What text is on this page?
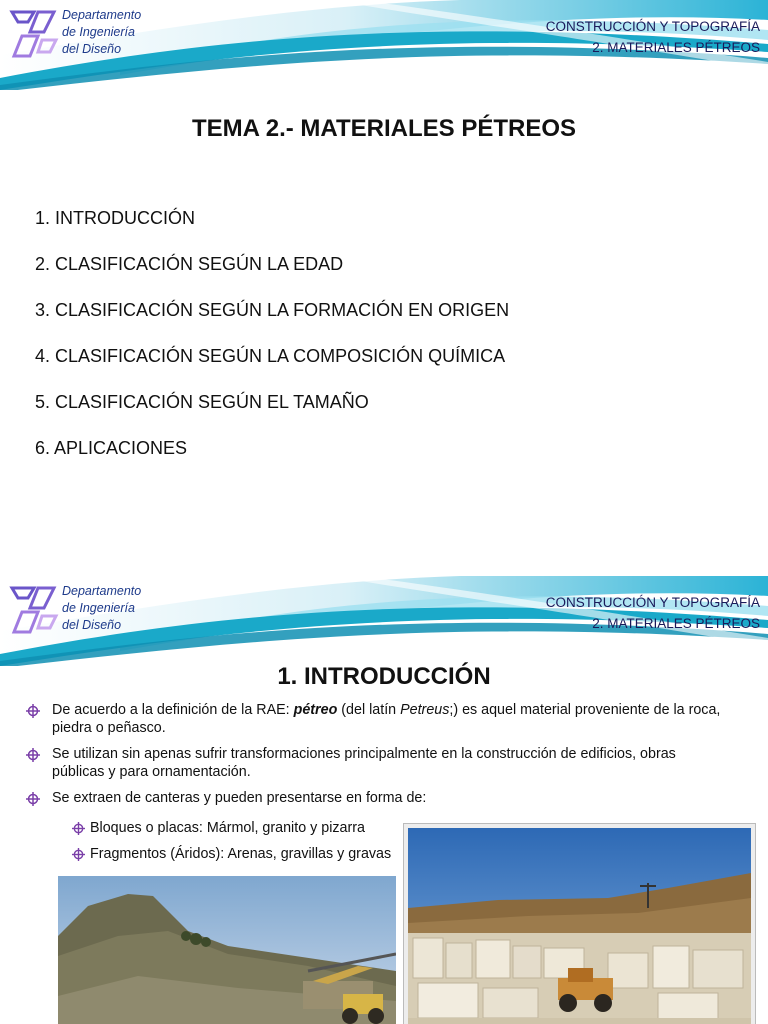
Departamento
de Ingeniería
del Diseño
CONSTRUCCIÓN Y TOPOGRAFÍA
2. MATERIALES PÉTREOS
TEMA 2.- MATERIALES PÉTREOS
1. INTRODUCCIÓN
2. CLASIFICACIÓN SEGÚN LA EDAD
3. CLASIFICACIÓN SEGÚN LA FORMACIÓN EN ORIGEN
4. CLASIFICACIÓN SEGÚN LA COMPOSICIÓN QUÍMICA
5. CLASIFICACIÓN SEGÚN EL TAMAÑO
6. APLICACIONES
Departamento
de Ingeniería
del Diseño
CONSTRUCCIÓN Y TOPOGRAFÍA
2. MATERIALES PÉTREOS
1. INTRODUCCIÓN
De acuerdo a la definición de la RAE: pétreo (del latín Petreus;) es aquel material proveniente de la roca, piedra o peñasco.
Se utilizan sin apenas sufrir transformaciones principalmente en la construcción de edificios, obras públicas y para ornamentación.
Se extraen de canteras y pueden presentarse en forma de:
Bloques o placas: Mármol, granito y pizarra
Fragmentos (Áridos): Arenas, gravillas y gravas
